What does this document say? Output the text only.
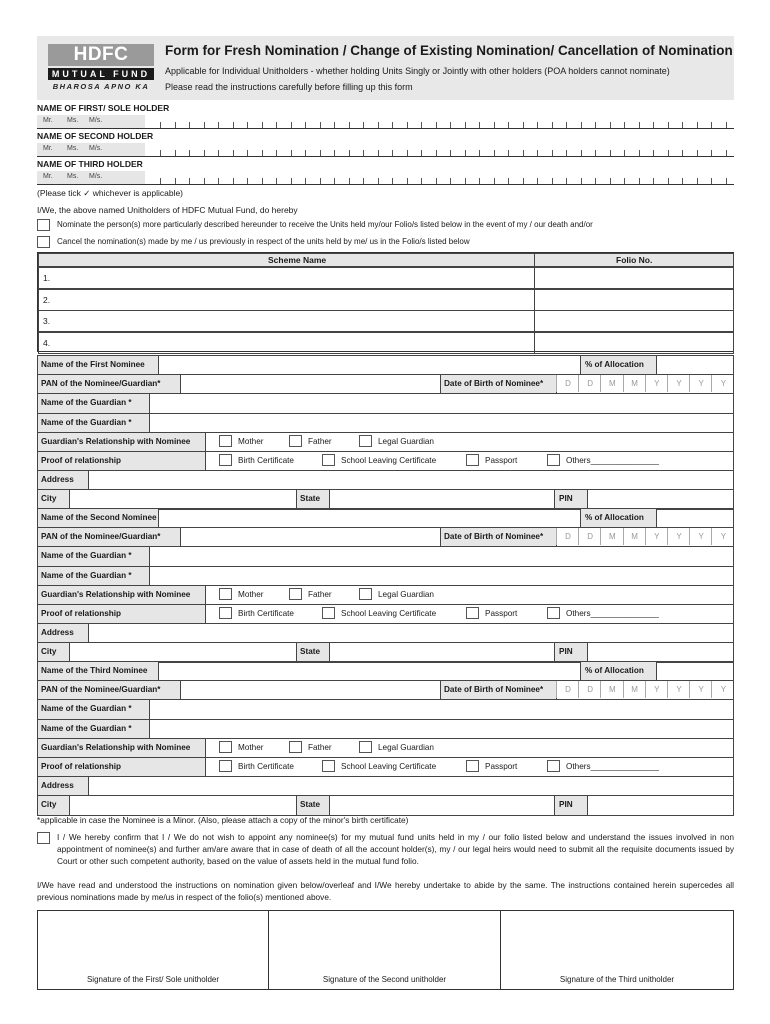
HDFC
MUTUAL FUND
BHAROSA APNO KA
Form for Fresh Nomination / Change of Existing Nomination/ Cancellation of Nomination
Applicable for Individual Unitholders - whether holding Units Singly or Jointly with other holders (POA holders cannot nominate)
Please read the instructions carefully before filling up this form
NAME OF FIRST/ SOLE HOLDER
Mr. Ms. M/s.
NAME OF SECOND HOLDER
Mr. Ms. M/s.
NAME OF THIRD HOLDER
Mr. Ms. M/s.
(Please tick ✓ whichever is applicable)
I/We, the above named Unitholders of HDFC Mutual Fund, do hereby
Nominate the person(s) more particularly described hereunder to receive the Units held my/our Folio/s listed below in the event of my / our death and/or
Cancel the nomination(s) made by me / us previously in respect of the units held by me/ us in the Folio/s listed below
Scheme Name	Folio No.
1.
2.
3.
4.
Name of the First Nominee	% of Allocation
PAN of the Nominee/Guardian*	Date of Birth of Nominee*	D	D	M	M	Y	Y	Y	Y
Name of the Guardian *
Name of the Guardian *
Guardian's Relationship with Nominee	Mother	Father	Legal Guardian
Proof of relationship	Birth Certificate	School Leaving Certificate	Passport	Others_______________
Address
City	State	PIN
Name of the Second Nominee	% of Allocation
PAN of the Nominee/Guardian*	Date of Birth of Nominee*	D	D	M	M	Y	Y	Y	Y
Name of the Guardian *
Name of the Guardian *
Guardian's Relationship with Nominee	Mother	Father	Legal Guardian
Proof of relationship	Birth Certificate	School Leaving Certificate	Passport	Others_______________
Address
City	State	PIN
Name of the Third Nominee	% of Allocation
PAN of the Nominee/Guardian*	Date of Birth of Nominee*	D	D	M	M	Y	Y	Y	Y
Name of the Guardian *
Name of the Guardian *
Guardian's Relationship with Nominee	Mother	Father	Legal Guardian
Proof of relationship	Birth Certificate	School Leaving Certificate	Passport	Others_______________
Address
City	State	PIN
*applicable in case the Nominee is a Minor. (Also, please attach a copy of the minor's birth certificate)
I / We hereby confirm that I / We do not wish to appoint any nominee(s) for my mutual fund units held in my / our folio listed below and understand the issues involved in non appointment of nominee(s) and further am/are aware that in case of death of all the account holder(s), my / our legal heirs would need to submit all the requisite documents issued by Court or other such competent authority, based on the value of assets held in the mutual fund folio.
I/We have read and understood the instructions on nomination given below/overleaf and I/We hereby undertake to abide by the same. The instructions contained herein supercedes all previous nominations made by me/us in respect of the folio(s) mentioned above.
Signature of the First/ Sole unitholder	Signature of the Second unitholder	Signature of the Third unitholder
